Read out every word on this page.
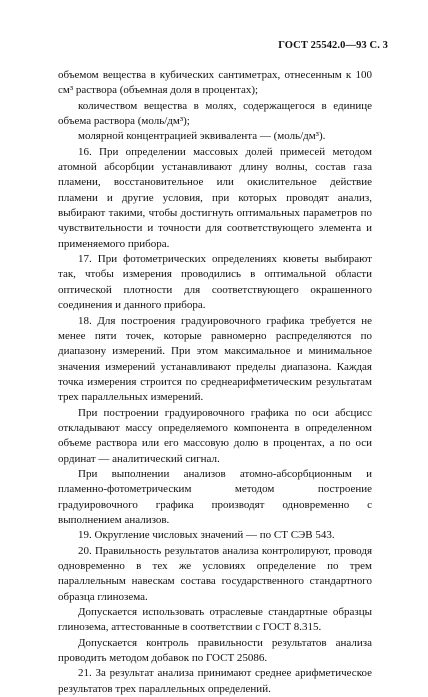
ГОСТ 25542.0—93 С. 3

объемом вещества в кубических сантиметрах, отнесенным к 100 см³ раствора (объемная доля в процентах);

количеством вещества в молях, содержащегося в единице объема раствора (моль/дм³);

молярной концентрацией эквивалента — (моль/дм³).

16. При определении массовых долей примесей методом атомной абсорбции устанавливают длину волны, состав газа пламени, восстановительное или окислительное действие пламени и другие условия, при которых проводят анализ, выбирают такими, чтобы достигнуть оптимальных параметров по чувствительности и точности для соответствующего элемента и применяемого прибора.

17. При фотометрических определениях кюветы выбирают так, чтобы измерения проводились в оптимальной области оптической плотности для соответствующего окрашенного соединения и данного прибора.

18. Для построения градуировочного графика требуется не менее пяти точек, которые равномерно распределяются по диапазону измерений. При этом максимальное и минимальное значения измерений устанавливают пределы диапазона. Каждая точка измерения строится по среднеарифметическим результатам трех параллельных измерений.

При построении градуировочного графика по оси абсцисс откладывают массу определяемого компонента в определенном объеме раствора или его массовую долю в процентах, а по оси ординат — аналитический сигнал.

При выполнении анализов атомно-абсорбционным и пламенно-фотометрическим методом построение градуировочного графика производят одновременно с выполнением анализов.

19. Округление числовых значений — по СТ СЭВ 543.

20. Правильность результатов анализа контролируют, проводя одновременно в тех же условиях определение по трем параллельным навескам состава государственного стандартного образца глинозема.

Допускается использовать отраслевые стандартные образцы глинозема, аттестованные в соответствии с ГОСТ 8.315.

Допускается контроль правильности результатов анализа проводить методом добавок по ГОСТ 25086.

21. За результат анализа принимают среднее арифметическое результатов трех параллельных определений.
